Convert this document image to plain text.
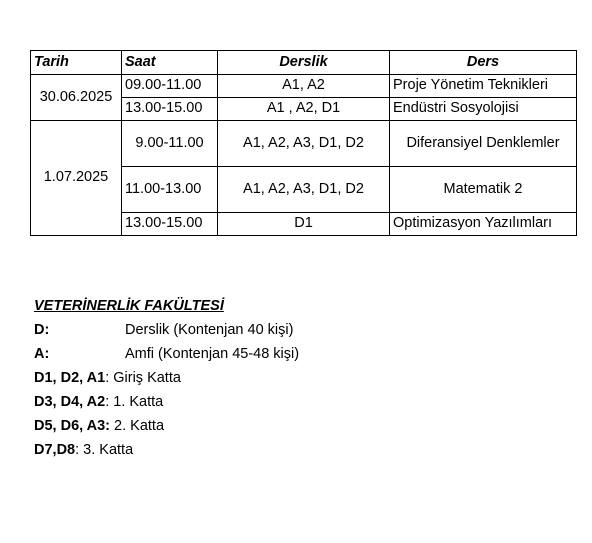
Tarih	Saat	Derslik	Ders
30.06.2025	09.00-11.00	A1, A2	Proje Yönetim Teknikleri
	13.00-15.00	A1 , A2, D1	Endüstri Sosyolojisi
1.07.2025	9.00-11.00	A1, A2, A3, D1, D2	Diferansiyel Denklemler
	11.00-13.00	A1, A2, A3, D1, D2	Matematik 2
	13.00-15.00	D1	Optimizasyon Yazılımları
VETERİNERLİK FAKÜLTESİ
D:	Derslik (Kontenjan 40 kişi)
A:	Amfi (Kontenjan 45-48 kişi)
D1, D2, A1: Giriş Katta
D3, D4, A2: 1. Katta
D5, D6, A3: 2. Katta
D7,D8: 3. Katta
